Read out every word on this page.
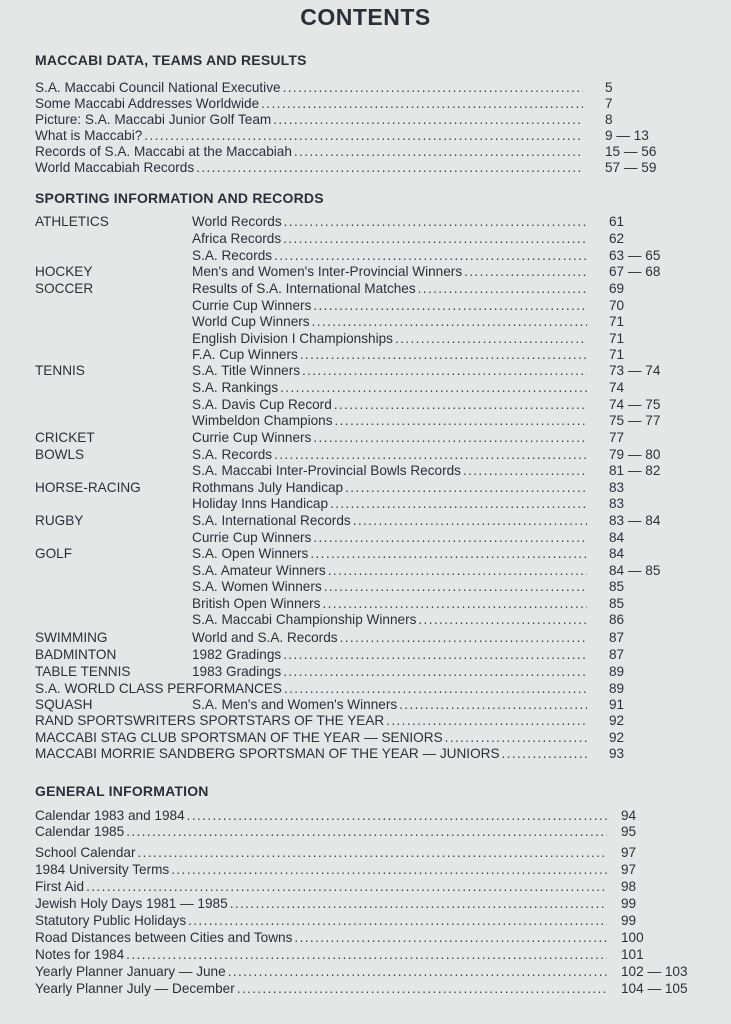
CONTENTS
MACCABI DATA, TEAMS AND RESULTS
SPORTING INFORMATION AND RECORDS
GENERAL INFORMATION
S.A. Maccabi Council National Executive . . .	5
Some Maccabi Addresses Worldwide . . .	7
Picture: S.A. Maccabi Junior Golf Team . . .	8
What is Maccabi? . . .	9 — 13
Records of S.A. Maccabi at the Maccabiah . . .	15 — 56
World Maccabiah Records . . .	57 — 59
ATHLETICS	World Records . . .	61
Africa Records . . .	62
S.A. Records . . .	63 — 65
HOCKEY	Men's and Women's Inter-Provincial Winners . . .	67 — 68
SOCCER	Results of S.A. International Matches . . .	69
Currie Cup Winners . . .	70
World Cup Winners . . .	71
English Division I Championships . . .	71
F.A. Cup Winners . . .	71
TENNIS	S.A. Title Winners . . .	73 — 74
S.A. Rankings . . .	74
S.A. Davis Cup Record . . .	74 — 75
Wimbeldon Champions . . .	75 — 77
CRICKET	Currie Cup Winners . . .	77
BOWLS	S.A. Records . . .	79 — 80
S.A. Maccabi Inter-Provincial Bowls Records . . .	81 — 82
HORSE-RACING	Rothmans July Handicap . . .	83
Holiday Inns Handicap . . .	83
RUGBY	S.A. International Records . . .	83 — 84
Currie Cup Winners . . .	84
GOLF	S.A. Open Winners . . .	84
S.A. Amateur Winners . . .	84 — 85
S.A. Women Winners . . .	85
British Open Winners . . .	85
S.A. Maccabi Championship Winners . . .	86
SWIMMING	World and S.A. Records . . .	87
BADMINTON	1982 Gradings . . .	87
TABLE TENNIS	1983 Gradings . . .	89
S.A. WORLD CLASS PERFORMANCES . . .	89
SQUASH	S.A. Men's and Women's Winners . . .	91
RAND SPORTSWRITERS SPORTSTARS OF THE YEAR . . .	92
MACCABI STAG CLUB SPORTSMAN OF THE YEAR — SENIORS . . .	92
MACCABI MORRIE SANDBERG SPORTSMAN OF THE YEAR — JUNIORS . . .	93
Calendar 1983 and 1984 . . .	94
Calendar 1985 . . .	95
School Calendar . . .	97
1984 University Terms . . .	97
First Aid . . .	98
Jewish Holy Days 1981 — 1985 . . .	99
Statutory Public Holidays . . .	99
Road Distances between Cities and Towns . . .	100
Notes for 1984 . . .	101
Yearly Planner January — June . . .	102 — 103
Yearly Planner July — December . . .	104 — 105
